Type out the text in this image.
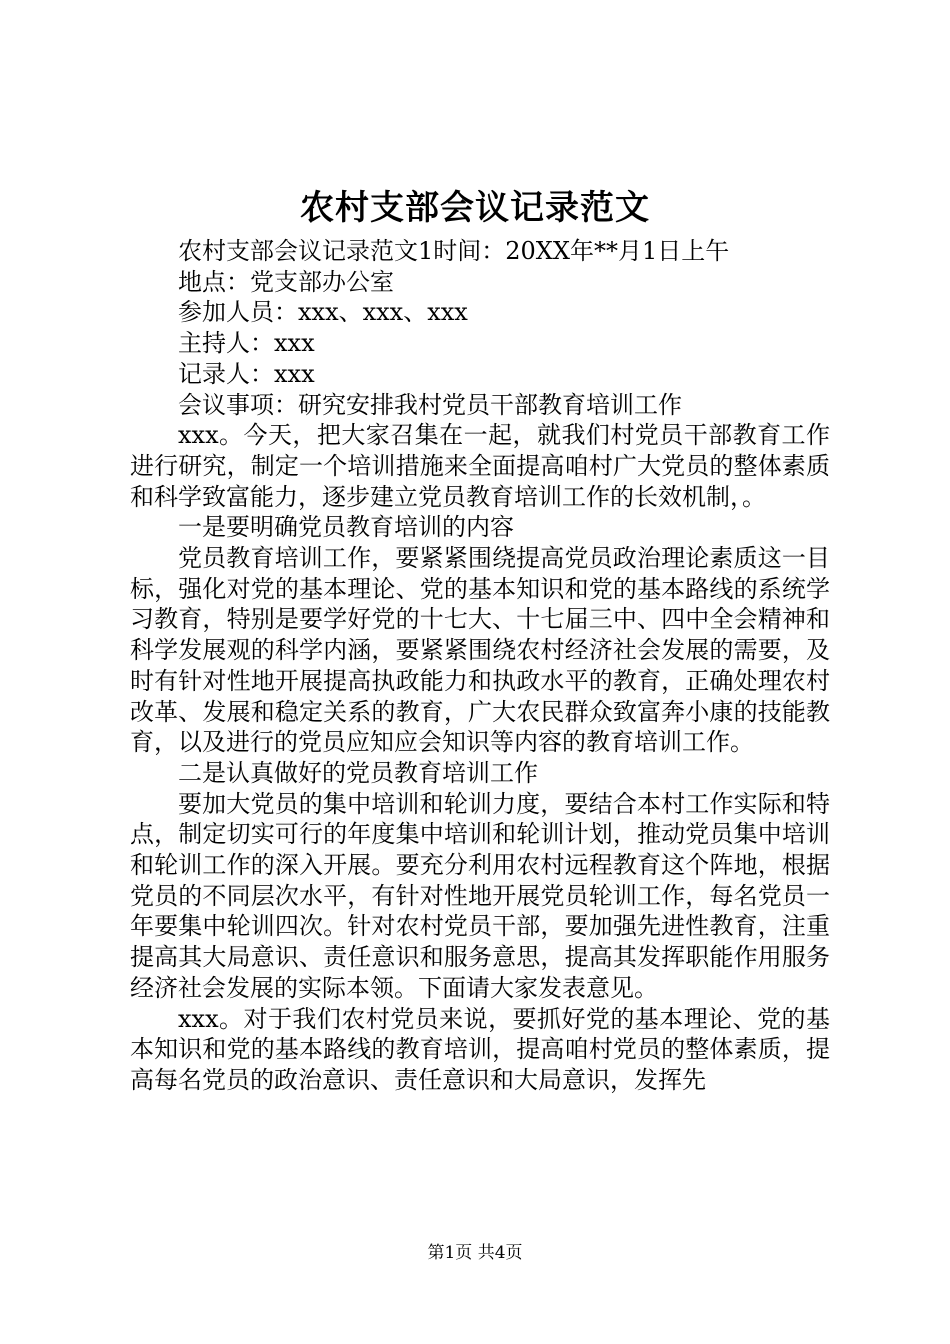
农村支部会议记录范文

农村支部会议记录范文1时间：20XX年**月1日上午

地点：党支部办公室

参加人员：xxx、xxx、xxx

主持人：xxx

记录人：xxx

会议事项：研究安排我村党员干部教育培训工作

xxx。今天，把大家召集在一起，就我们村党员干部教育工作进行研究，制定一个培训措施来全面提高咱村广大党员的整体素质和科学致富能力，逐步建立党员教育培训工作的长效机制，。

一是要明确党员教育培训的内容

党员教育培训工作，要紧紧围绕提高党员政治理论素质这一目标，强化对党的基本理论、党的基本知识和党的基本路线的系统学习教育，特别是要学好党的十七大、十七届三中、四中全会精神和科学发展观的科学内涵，要紧紧围绕农村经济社会发展的需要，及时有针对性地开展提高执政能力和执政水平的教育，正确处理农村改革、发展和稳定关系的教育，广大农民群众致富奔小康的技能教育，以及进行的党员应知应会知识等内容的教育培训工作。

二是认真做好的党员教育培训工作

要加大党员的集中培训和轮训力度，要结合本村工作实际和特点，制定切实可行的年度集中培训和轮训计划，推动党员集中培训和轮训工作的深入开展。要充分利用农村远程教育这个阵地，根据党员的不同层次水平，有针对性地开展党员轮训工作，每名党员一年要集中轮训四次。针对农村党员干部，要加强先进性教育，注重提高其大局意识、责任意识和服务意思，提高其发挥职能作用服务经济社会发展的实际本领。下面请大家发表意见。

xxx。对于我们农村党员来说，要抓好党的基本理论、党的基本知识和党的基本路线的教育培训，提高咱村党员的整体素质，提高每名党员的政治意识、责任意识和大局意识，发挥先

第1页 共4页
